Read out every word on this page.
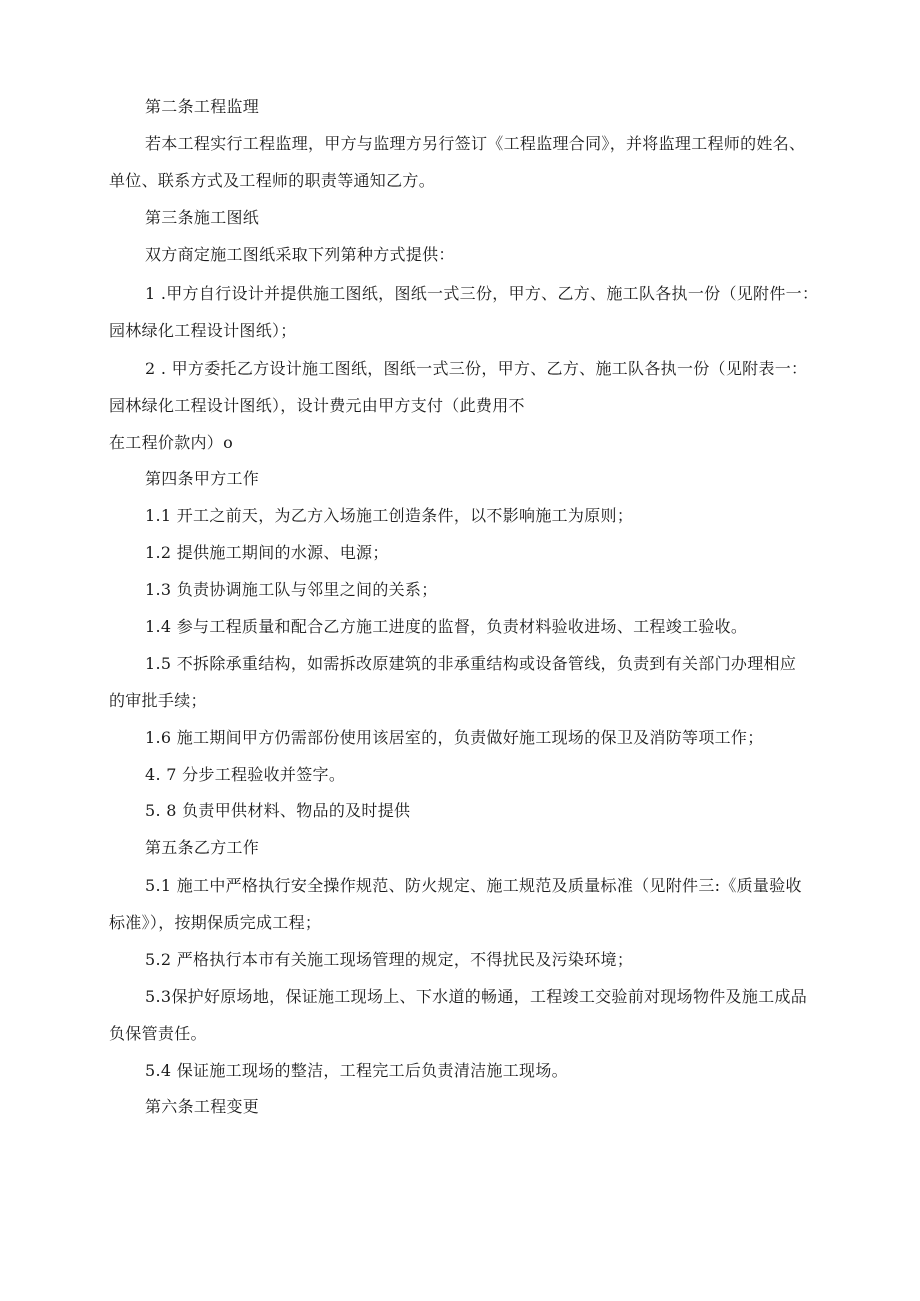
第二条工程监理
若本工程实行工程监理，甲方与监理方另行签订《工程监理合同》，并将监理工程师的姓名、
单位、联系方式及工程师的职责等通知乙方。
第三条施工图纸
双方商定施工图纸采取下列第种方式提供：
1 .甲方自行设计并提供施工图纸，图纸一式三份，甲方、乙方、施工队各执一份（见附件一：
园林绿化工程设计图纸）；
2 . 甲方委托乙方设计施工图纸，图纸一式三份，甲方、乙方、施工队各执一份（见附表一：
园林绿化工程设计图纸），设计费元由甲方支付（此费用不
在工程价款内）o
第四条甲方工作
1.1 开工之前天，为乙方入场施工创造条件，以不影响施工为原则；
1.2 提供施工期间的水源、电源；
1.3 负责协调施工队与邻里之间的关系；
1.4 参与工程质量和配合乙方施工进度的监督，负责材料验收进场、工程竣工验收。
1.5 不拆除承重结构，如需拆改原建筑的非承重结构或设备管线，负责到有关部门办理相应
的审批手续；
1.6 施工期间甲方仍需部份使用该居室的，负责做好施工现场的保卫及消防等项工作；
4. 7 分步工程验收并签字。
5. 8 负责甲供材料、物品的及时提供
第五条乙方工作
5.1 施工中严格执行安全操作规范、防火规定、施工规范及质量标准（见附件三:《质量验收
标准》），按期保质完成工程；
5.2 严格执行本市有关施工现场管理的规定，不得扰民及污染环境；
5.3保护好原场地，保证施工现场上、下水道的畅通，工程竣工交验前对现场物件及施工成品
负保管责任。
5.4 保证施工现场的整洁，工程完工后负责清洁施工现场。
第六条工程变更
